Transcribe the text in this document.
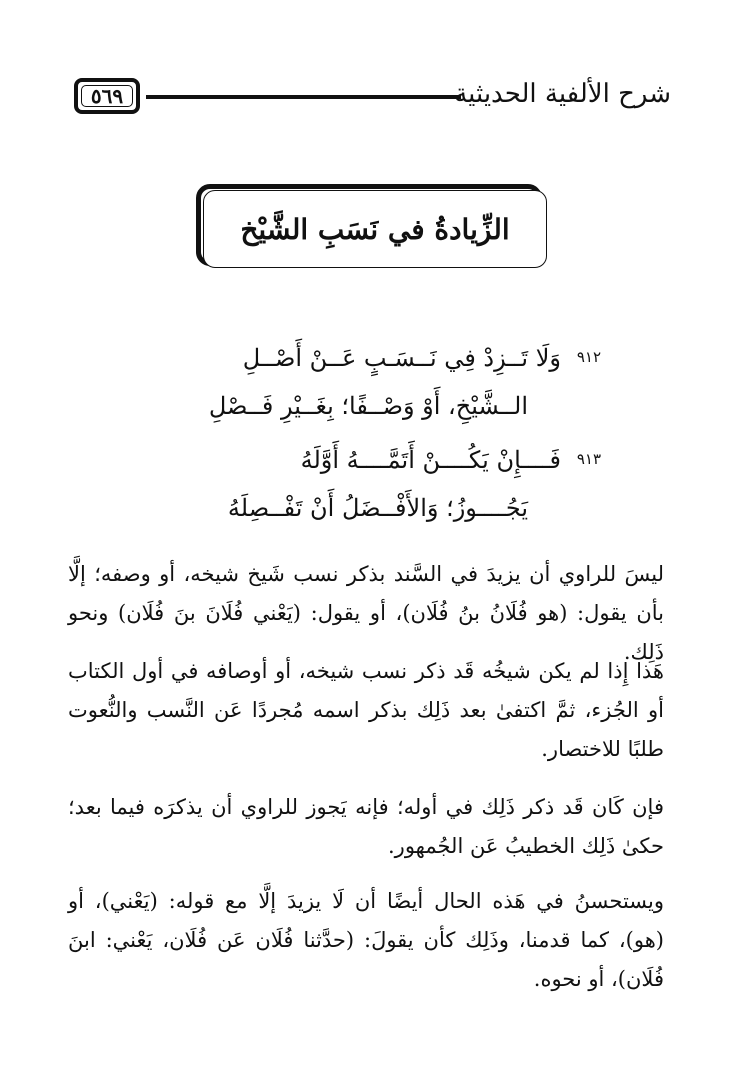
شرح الألفية الحديثية
٥٦٩
الزِّيادةُ في نَسَبِ الشَّيْخ
٩١٢
وَلَا تَــزِدْ فِي نَــسَـبٍ عَــنْ أَصْــلِ
الــشَّيْخِ، أَوْ وَصْــفًا؛ بِغَــيْرِ فَــصْلِ
٩١٣
فَــــإِنْ يَكُــــنْ أَتَمَّــــهُ أَوَّلَهُ
يَجُــــوزُ؛ وَالأَفْــضَلُ أَنْ تَفْــصِلَهُ

ليسَ للراوي أن يزيدَ في السَّند بذكر نسب شَيخ شيخه، أو وصفه؛ إلَّا بأن يقول: (هو فُلَانُ بنُ فُلَان)، أو يقول: (يَعْني فُلَانَ بنَ فُلَان) ونحو ذَلِك.

هَذا إِذا لم يكن شيخُه قَد ذكر نسب شيخه، أو أوصافه في أول الكتاب أو الجُزء، ثمَّ اكتفىٰ بعد ذَلِك بذكر اسمه مُجردًا عَن النَّسب والنُّعوت طلبًا للاختصار.

فإن كَان قَد ذكر ذَلِك في أوله؛ فإنه يَجوز للراوي أن يذكرَه فيما بعد؛ حكىٰ ذَلِك الخطيبُ عَن الجُمهور.

ويستحسنُ في هَذه الحال أيضًا أن لَا يزيدَ إلَّا مع قوله: (يَعْني)، أو (هو)، كما قدمنا، وذَلِك كأن يقولَ: (حدَّثنا فُلَان عَن فُلَان، يَعْني: ابنَ فُلَان)، أو نحوه.
